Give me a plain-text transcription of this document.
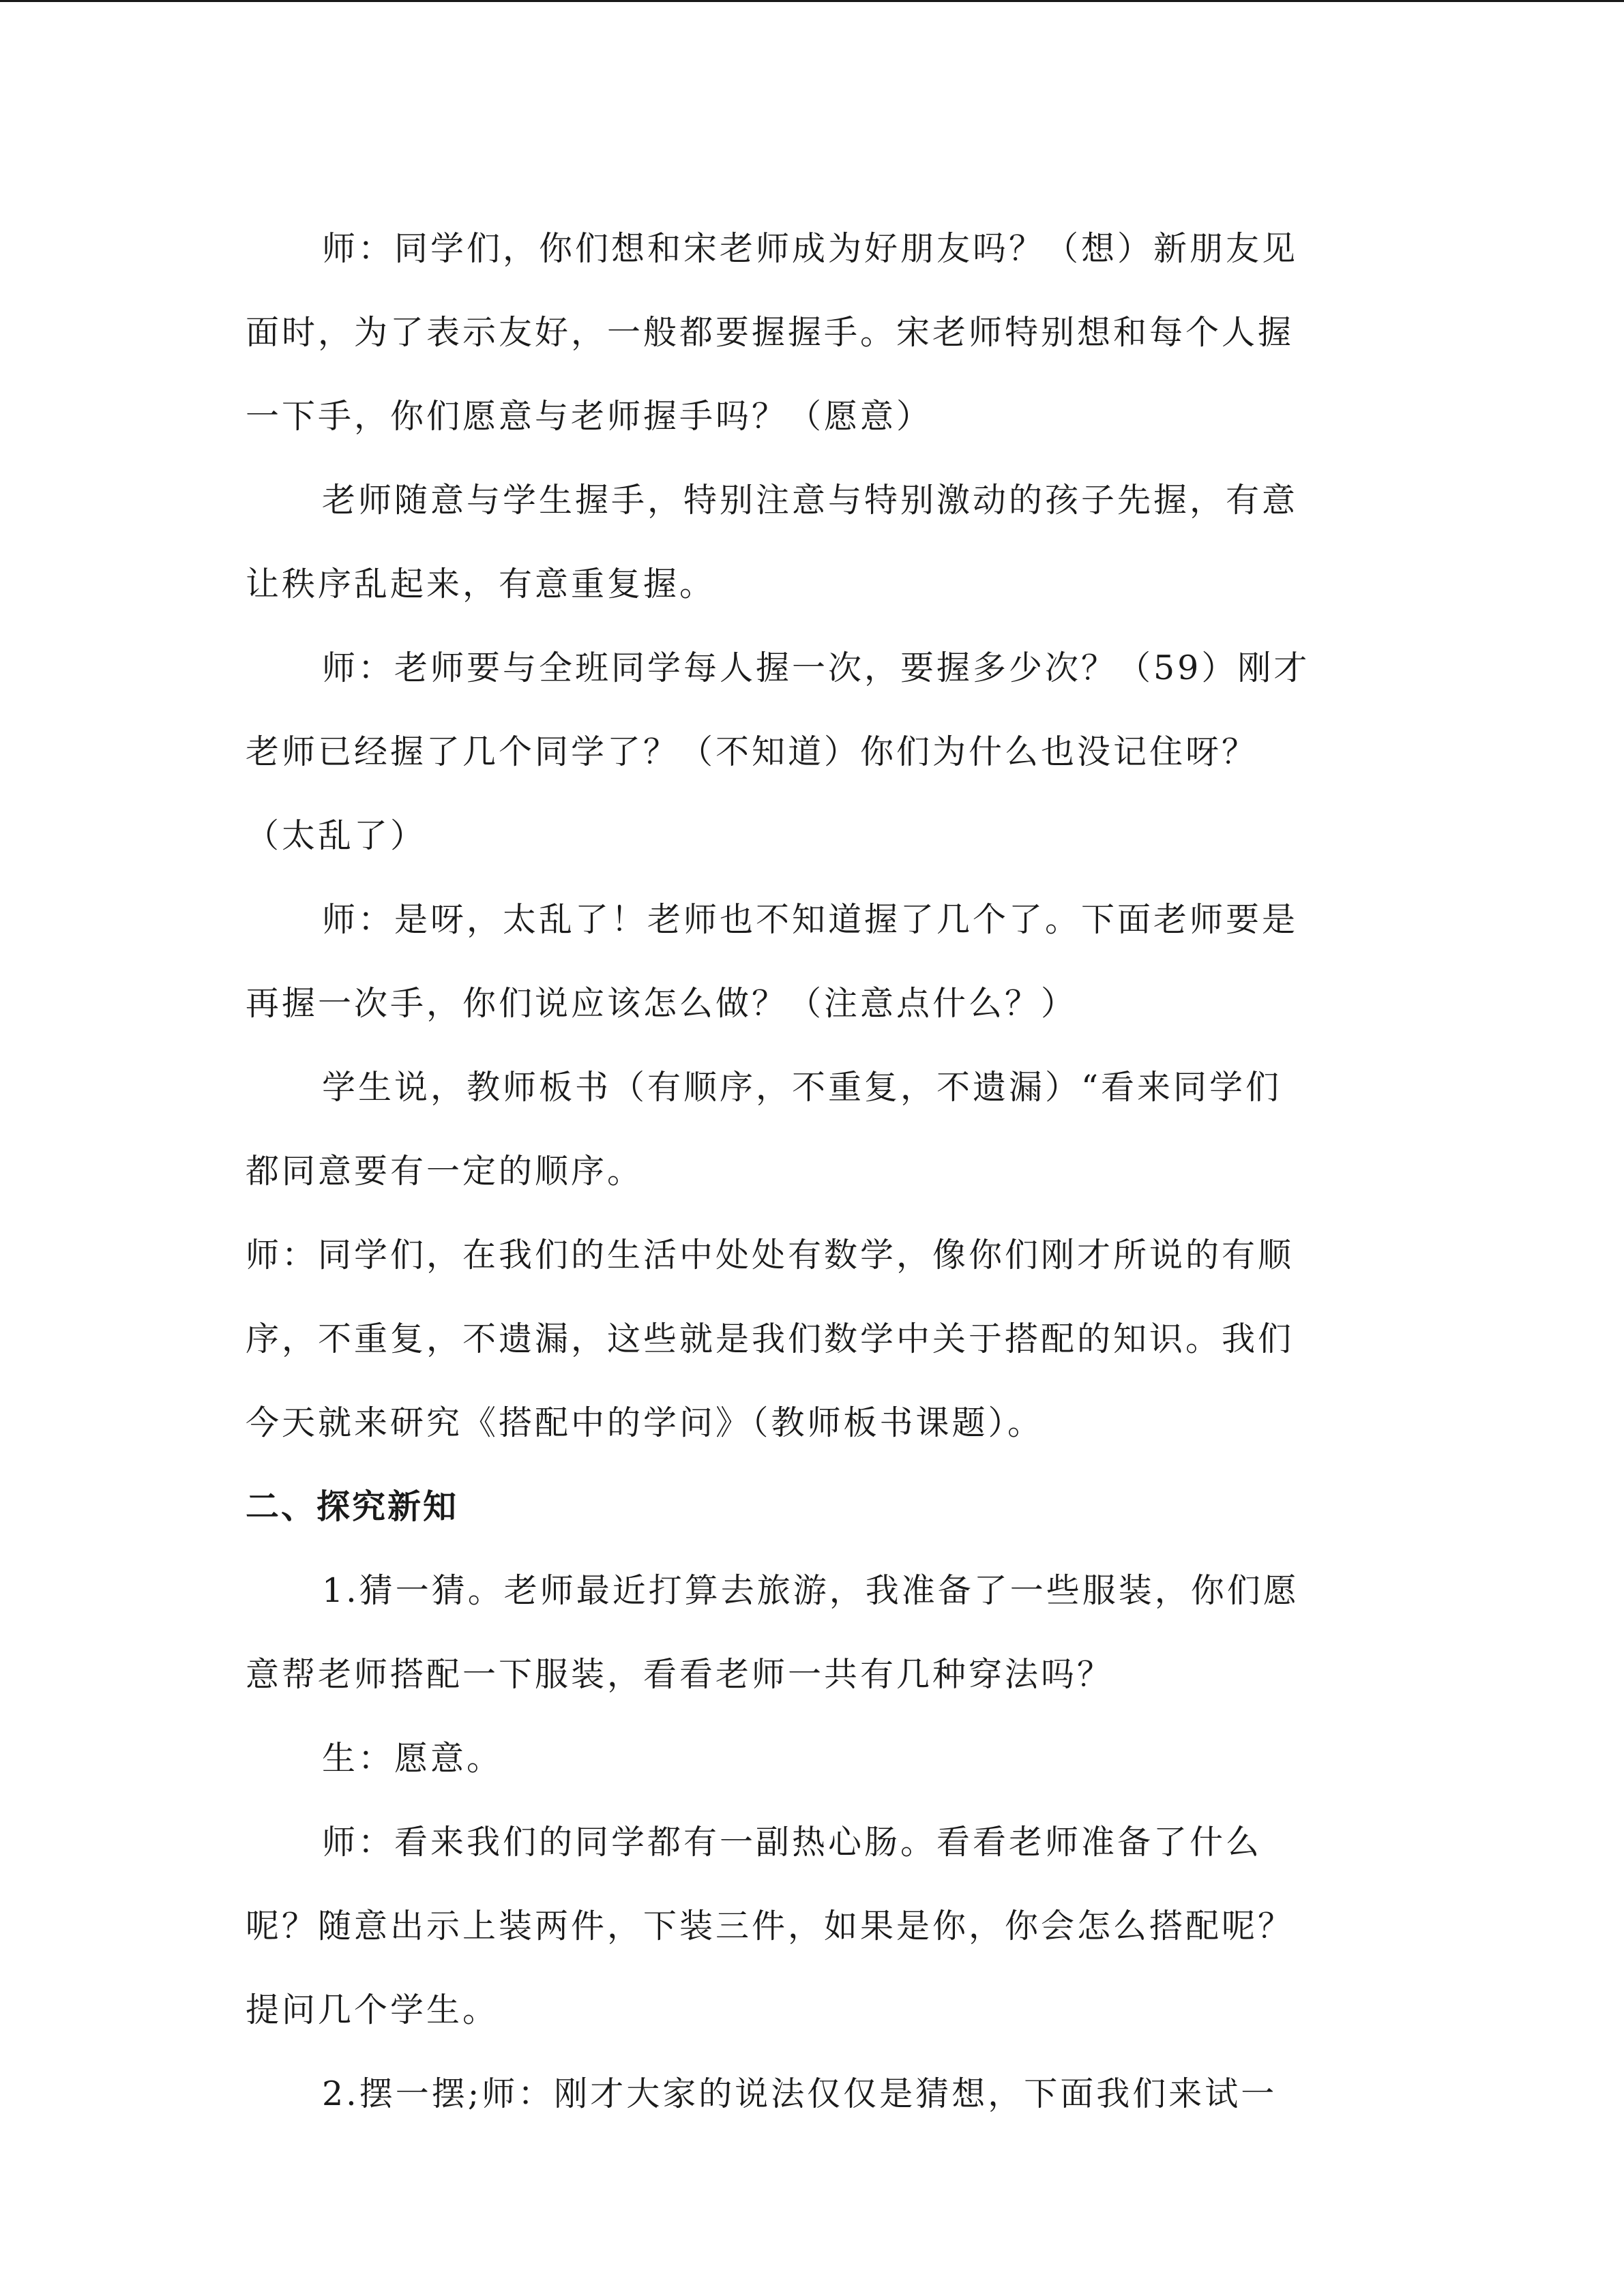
师：同学们，你们想和宋老师成为好朋友吗？（想）新朋友见

面时，为了表示友好，一般都要握握手。宋老师特别想和每个人握

一下手，你们愿意与老师握手吗？（愿意）

老师随意与学生握手，特别注意与特别激动的孩子先握，有意

让秩序乱起来，有意重复握。

师：老师要与全班同学每人握一次，要握多少次？（59）刚才

老师已经握了几个同学了？（不知道）你们为什么也没记住呀？

（太乱了）

师：是呀，太乱了！老师也不知道握了几个了。下面老师要是

再握一次手，你们说应该怎么做？（注意点什么？）

学生说，教师板书（有顺序，不重复，不遗漏）“看来同学们

都同意要有一定的顺序。

师：同学们，在我们的生活中处处有数学，像你们刚才所说的有顺

序，不重复，不遗漏，这些就是我们数学中关于搭配的知识。我们

今天就来研究《搭配中的学问》（教师板书课题）。

二、探究新知

1.猜一猜。老师最近打算去旅游，我准备了一些服装，你们愿

意帮老师搭配一下服装，看看老师一共有几种穿法吗？

生：愿意。

师：看来我们的同学都有一副热心肠。看看老师准备了什么

呢？随意出示上装两件，下装三件，如果是你，你会怎么搭配呢？

提问几个学生。

2.摆一摆;师：刚才大家的说法仅仅是猜想，下面我们来试一
